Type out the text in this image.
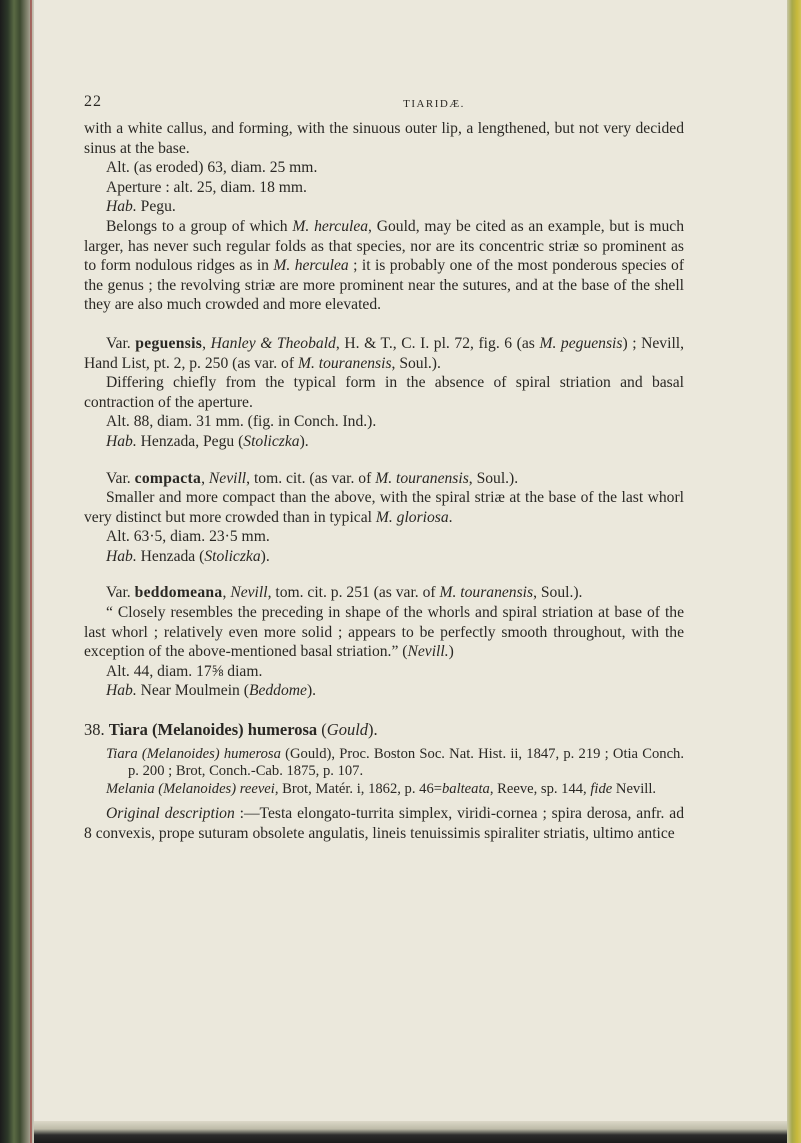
22	TIARIDÆ.

with a white callus, and forming, with the sinuous outer lip, a lengthened, but not very decided sinus at the base.

Alt. (as eroded) 63, diam. 25 mm.

Aperture : alt. 25, diam. 18 mm.

Hab. Pegu.

Belongs to a group of which M. herculea, Gould, may be cited as an example, but is much larger, has never such regular folds as that species, nor are its concentric striæ so prominent as to form nodulous ridges as in M. herculea ; it is probably one of the most ponderous species of the genus ; the revolving striæ are more prominent near the sutures, and at the base of the shell they are also much crowded and more elevated.

Var. peguensis, Hanley & Theobald, H. & T., C. I. pl. 72, fig. 6 (as M. peguensis) ; Nevill, Hand List, pt. 2, p. 250 (as var. of M. touranensis, Soul.).

Differing chiefly from the typical form in the absence of spiral striation and basal contraction of the aperture.

Alt. 88, diam. 31 mm. (fig. in Conch. Ind.).

Hab. Henzada, Pegu (Stoliczka).

Var. compacta, Nevill, tom. cit. (as var. of M. touranensis, Soul.).

Smaller and more compact than the above, with the spiral striæ at the base of the last whorl very distinct but more crowded than in typical M. gloriosa.

Alt. 63·5, diam. 23·5 mm.

Hab. Henzada (Stoliczka).

Var. beddomeana, Nevill, tom. cit. p. 251 (as var. of M. touranensis, Soul.).

“ Closely resembles the preceding in shape of the whorls and spiral striation at base of the last whorl ; relatively even more solid ; appears to be perfectly smooth throughout, with the exception of the above-mentioned basal striation.” (Nevill.)

Alt. 44, diam. 17⅝ diam.

Hab. Near Moulmein (Beddome).

38. Tiara (Melanoides) humerosa (Gould).

Tiara (Melanoides) humerosa (Gould), Proc. Boston Soc. Nat. Hist. ii, 1847, p. 219 ; Otia Conch. p. 200 ; Brot, Conch.-Cab. 1875, p. 107.

Melania (Melanoides) reevei, Brot, Matér. i, 1862, p. 46=balteata, Reeve, sp. 144, fide Nevill.

Original description :—Testa elongato-turrita simplex, viridi-cornea ; spira derosa, anfr. ad 8 convexis, prope suturam obsolete angulatis, lineis tenuissimis spiraliter striatis, ultimo antice
